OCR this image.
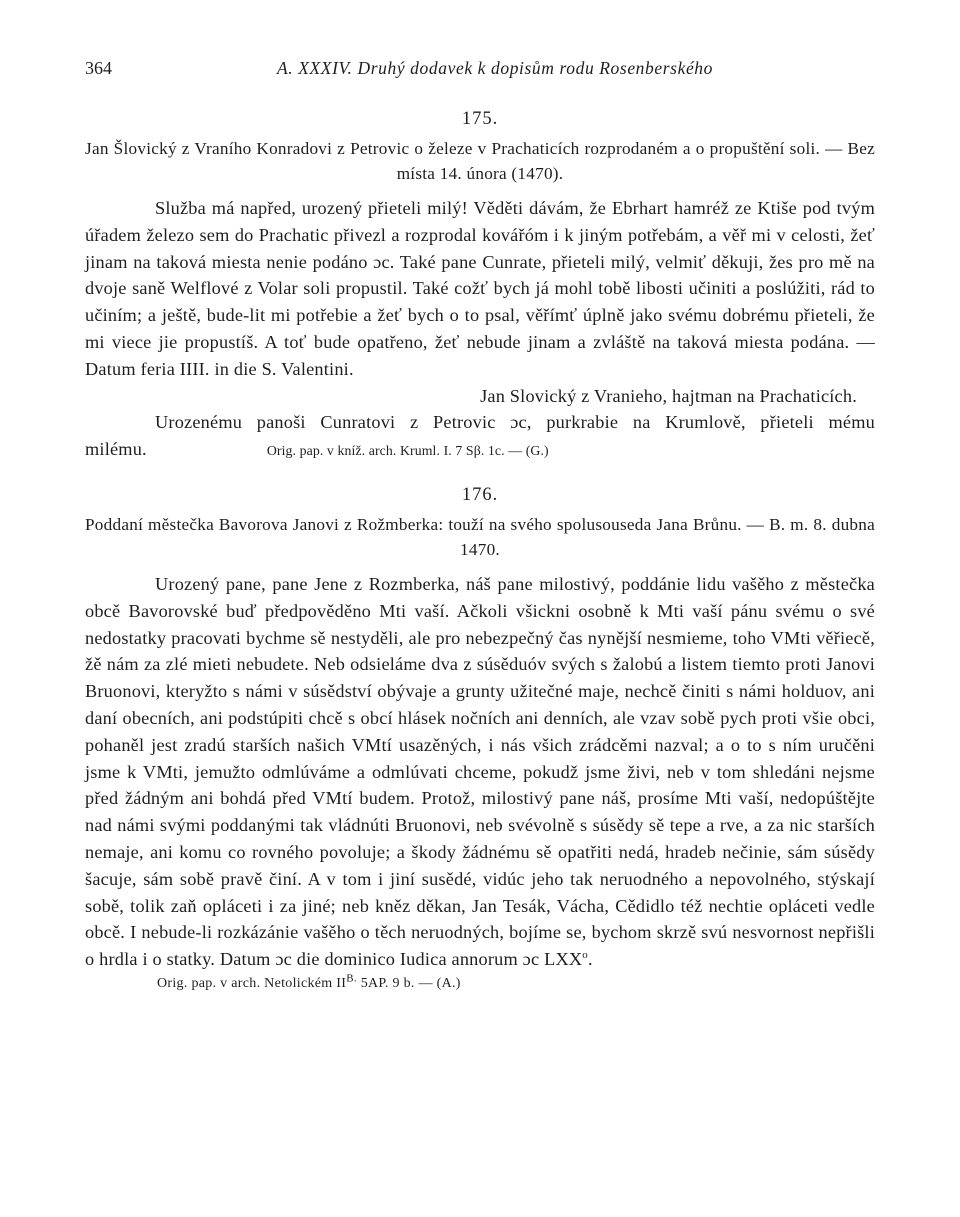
364	A. XXXIV. Druhý dodavek k dopisům rodu Rosenberského
175.
Jan Šlovický z Vraního Konradovi z Petrovic o železe v Prachaticích rozprodaném a o propuštění soli. — Bez místa 14. února (1470).

Služba má napřed, urozený přieteli milý! Věděti dávám, že Ebrhart hamréž ze Ktiše pod tvým úřadem železo sem do Prachatic přivezl a rozprodal kovářóm i k jiným potřebám, a věř mi v celosti, žeť jinam na taková miesta nenie podáno ɔc. Také pane Cunrate, přieteli milý, velmiť děkuji, žes pro mě na dvoje saně Welflové z Volar soli propustil. Také cožť bych já mohl tobě libosti učiniti a poslúžiti, rád to učiním; a ještě, bude-lit mi potřebie a žeť bych o to psal, věřímť úplně jako svému dobrému přieteli, že mi viece jie propustíš. A toť bude opatřeno, žeť nebude jinam a zvláště na taková miesta podána. — Datum feria IIII. in die S. Valentini.

Jan Slovický z Vranieho, hajtman na Prachaticích.

Urozenému panoši Cunratovi z Petrovic ɔc, purkrabie na Krumlově, přieteli mému milému.	Orig. pap. v kníž. arch. Kruml. I. 7 Sβ. 1c. — (G.)

176.
Poddaní městečka Bavorova Janovi z Rožmberka: touží na svého spolusouseda Jana Brůnu. — B. m. 8. dubna 1470.

Urozený pane, pane Jene z Rozmberka, náš pane milostivý, poddánie lidu vašěho z městečka obcě Bavorovské buď předpověděno Mti vaší. Ačkoli všickni osobně k Mti vaší pánu svému o své nedostatky pracovati bychme sě nestyděli, ale pro nebezpečný čas nynější nesmieme, toho VMti věřiecě, žě nám za zlé mieti nebudete. Neb odsieláme dva z súsěduóv svých s žalobú a listem tiemto proti Janovi Bruonovi, kteryžto s námi v súsědství obývaje a grunty užitečné maje, nechcě činiti s námi holduov, ani daní obecních, ani podstúpiti chcě s obcí hlásek nočních ani denních, ale vzav sobě pych proti všie obci, pohaněl jest zradú starších našich VMtí usazěných, i nás všich zrádcěmi nazval; a o to s ním uručěni jsme k VMti, jemužto odmlúváme a odmlúvati chceme, pokudž jsme živi, neb v tom shledáni nejsme před žádným ani bohdá před VMtí budem. Protož, milostivý pane náš, prosíme Mti vaší, nedopúštějte nad námi svými poddanými tak vládnúti Bruonovi, neb svévolně s súsědy sě tepe a rve, a za nic starších nemaje, ani komu co rovného povoluje; a škody žádnému sě opatřiti nedá, hradeb nečinie, sám súsědy šacuje, sám sobě pravě činí. A v tom i jiní susědé, vidúc jeho tak neruodného a nepovolného, stýskají sobě, tolik zaň opláceti i za jiné; neb kněz děkan, Jan Tesák, Vácha, Cědidlo též nechtie opláceti vedle obcě. I nebude-li rozkázánie vašěho o těch neruodných, bojíme se, bychom skrzě svú nesvornost nepřišli o hrdla i o statky. Datum ɔc die dominico Iudica annorum ɔc LXX$^o$.

Orig. pap. v arch. Netolickém $II^{B.}$ 5AP. 9 b. — (A.)
